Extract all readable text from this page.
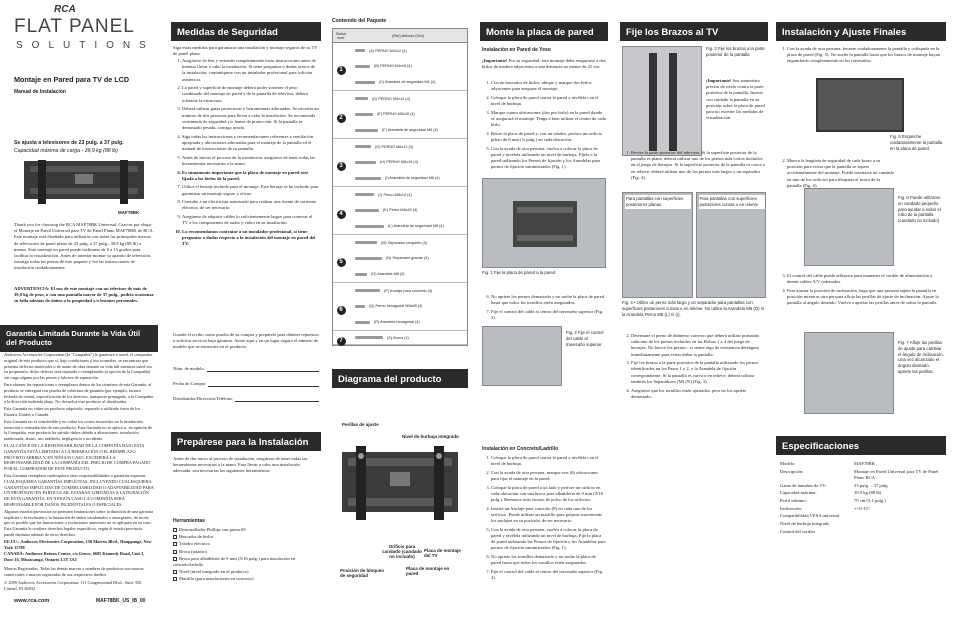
RCA
FLAT PANEL
SOLUTIONS
Montaje en Pared para TV de LCD
Manual de Instalación
Se ajusta a televisores de 23 pulg. a 37 pulg.
Capacidad máxima de carga - 39,9 kg (88 lb)
MAF78BK
Thank you for choosing the RCA MAF78BK Universal. Gracias por elegir el Montaje en Pared Universal para TV de Panel Plano MAF78BK de RCA. Este montaje está diseñado para utilizarse con todas las principales marcas de televisores de panel plano de 23 pulg. a 37 pulg., 39,9 kg (88 lb) o menos. Este montaje en pared puede inclinarse de 0 a 15 grados para facilitar la visualización. Antes de intentar montar su aparato de televisión, extraiga todas las piezas de este paquete y lea las instrucciones de instalación cuidadosamente.
ADVERTENCIA: El uso de este montaje con un televisor de más de 39,9 kg de peso, o con una pantalla mayor de 37 pulg., podría ocasionar su falla además de daños a la propiedad y/o lesiones personales.
Garantía Limitada Durante la Vida Útil del Producto

Audiovox Accessories Corporation (la "Compañía") le garantiza a usted, el comprador original de este producto que si, bajo condiciones y uso normales, se encontrara que presenta defectos materiales o de mano de obra durante su vida útil mientras usted sea su propietario, dicho defecto será reparado o reemplazado (a opción de la Compañía) sin cargo alguno por las piezas y labores de reparación.

Para obtener las reparaciones o reemplazos dentro de los términos de esta Garantía, el producto se entregará con prueba de cobertura de garantía (por ejemplo, factura fechada de venta), especificación de los defectos, transporte prepagado, a la Compañía a la dirección indicada abajo. No devuelva este producto al distribuidor.

Esta Garantía no cubre un producto adquirido, reparado o utilizado fuera de los Estados Unidos o Canadá.

Esta Garantía no es transferible y no cubre los costos incurridos en la instalación, remoción o reinstalación de este producto. Esta Garantía no se aplica si, en opinión de la Compañía, este producto ha sufrido daños debido a alteraciones, instalación inadecuada, abuso, uso indebido, negligencia o accidente.

EL ALCANCE DE LA RESPONSABILIDAD DE LA COMPAÑÍA BAJO ESTA GARANTÍA ESTÁ LIMITADO A LA REPARACIÓN O EL REEMPLAZO PROVISTO ARRIBA Y, EN NINGÚN CASO, EXCEDERÁ LA RESPONSABILIDAD DE LA COMPAÑÍA DEL PRECIO DE COMPRA PAGADO POR EL COMPRADOR DE ESTE PRODUCTO.

Esta Garantía reemplaza cualesquiera otras responsabilidades o garantías expresas. CUALESQUIERA GARANTÍAS IMPLÍCITAS, INCLUYENDO CUALESQUIERA GARANTÍAS IMPLÍCITAS DE COMERCIABILIDAD O ADAPTABILIDAD PARA UN PROPÓSITO EN PARTICULAR, ESTARÁN LIMITADAS A LA DURACIÓN DE ESTA GARANTÍA. EN NINGÚN CASO LA COMPAÑÍA SERÁ RESPONSABLE POR DAÑOS INCIDENTALES O ESPECIALES.

Algunos estados/provincias no permiten limitaciones sobre la duración de una garantía implícita o la exclusión o la limitación de daños incidentales o emergentes, de modo que es posible que las limitaciones o exclusiones anteriores no se apliquen en su caso. Esta Garantía le confiere derechos legales específicos, según el estado/provincia, puede disfrutar además de otros derechos.

EE.UU.: Audiovox Electronics Corporation, 150 Marcus Blvd., Hauppauge, New York 11788

CANADÁ: Audiovox Return Centre, c/o Genco, 6685 Kennedy Road, Unit 3, Door 16, Mississauga, Ontario L5T 3A5

Marcas Registradas. Todas las demás marcas y nombres de productos son marcas comerciales o marcas registradas de sus respectivos dueños.

© 2009 Audiovox Accessories Corporation. 111 Congressional Blvd., Suite 350, Carmel, IN 46032

www.rca.com	MAF78BK_US_IB_00
Medidas de Seguridad
Siga estas medidas para garantizar una instalación y montaje seguros de su TV de panel plano.
1. Asegúrese de leer y entender completamente estas instrucciones antes de intentar llevar a cabo la instalación. Si tiene preguntas o dudas acerca de la instalación, comuníquese con un instalador profesional para solicitar asistencia.
2. La pared y superficie de montaje deberá poder sostener el peso combinado del montaje en pared y de la pantalla de televisor, deberá tolerarse la estructura.
3. Deberá utilizar guías protectoras y herramientas adecuadas. Se necesita un mínimo de dos personas para llevar a cabo la instalación. Se recomienda vestimenta de seguridad y/o lentes de protección. Si la pantalla es demasiado pesada, consiga ayuda.
4. Siga todas las instrucciones y recomendaciones referentes a ventilación apropiada y ubicaciones adecuadas para el montaje de la pantalla en el manual de instrucciones de su pantalla.
5. Antes de iniciar el proceso de la instalación, asegúrese de tener todas las herramientas necesarias a la mano.
6. Es sumamente importante que la placa de montaje en pared esté fijada a los birlos de la pared.
7. Utilice el herraje incluido para el montaje. Este herraje se ha incluido para garantizar un montaje seguro y eficaz.
8. Consulte a un electricista autorizado para realizar una fuente de corriente eléctrica, de ser necesario.
9. Asegúrese de adquirir cables lo suficientemente largos para conectar el TV a los componentes de audio y video en su instalación.
10. Lo recomendamos contratar a un instalador profesional, si tiene preguntas o dudas respecto a la instalación del montaje en pared del TV.
Guarde el recibo como prueba de su compra y prepárelo para obtener repuestos o solicitar servicio bajo garantía. Anote aquí y en un lugar seguro el número de modelo que se encuentra en el producto.
Núm. de modelo
Fecha de Compra
Distribuidor/Dirección/Teléfono
Prepárese para la Instalación
Antes de dar inicio al proceso de instalación, asegúrese de tener todas las herramientas necesarias a la mano. Para llevar a cabo una instalación adecuada, son necesarias las siguientes herramientas:
Herramientas
Destornillador Phillips con punta #3
Buscador de birlos
Taladro eléctrico
Broca (taladro)
Broca para albañilería de 9 mm (5/16 pulg.) para instalación en concreto/ladrillo
Nivel (nivel integrado en el producto)
Martillo (para instalaciones en concreto)
Contenido del Paquete
Bolsa núm.	(Ref) Artículo (Ctd)
1
(A) PERNO M4x12 (4)
(B) PERNO M4x16 (4)
(C) Arandela de seguridad M4 (4)
2
(D) PERNO M5x12 (4)
(E) PERNO M5x16 (4)
(F) Arandela de seguridad M5 (4)
3
(G) PERNO M6x12 (4)
(H) PERNO M6x16 (4)
(I) Arandela de seguridad M6 (4)
4
(J) Perno M8x14 (4)
(K) Perno M8x40 (4)
(L) Arandela de seguridad M8 (4)
5
(M) Separador pequeño (4)
(N) Separador grande (4)
(O) Arandela M8 (4)
6
(P) Anclaje para concreto (4)
(Q) Perno hexagonal M8x65 (4)
(R) Arandela hexagonal (4)
7	(S) Broca (1)
Diagrama del producto
Perillas de ajuste
Nivel de burbuja integrado
Orificio para candado (candado no incluido)
Placa de montaje del TV
Posición de bloqueo de seguridad
Placa de montaje en pared
Monte la placa de pared
Instalación en Pared de Yeso
¡Importante! Por su seguridad, este montaje debe asegurarse a dos birlos de madera adyacentes a una distancia no menor de 41 cm.
1. Con un buscador de birlos, ubique y marque dos birlos adyacentes para asegurar el montaje.
2. Coloque la placa de pared contra la pared y nivélela con el nivel de burbuja.
3. Marque cuatro ubicaciones (dos por birlo) en la pared donde se asegurará el montaje. Tenga a bien utilizar el centro de cada birlo.
4. Retire la placa de pared y, con un taladro, perfore un orificio piloto de 6 mm (¼ pulg.) en cada ubicación.
5. Con la ayuda de otra persona, vuelva a colocar la placa de pared y nivélela utilizando un nivel de burbuja. Fíjela a la pared utilizando los Pernos de fijación y los Arandelas para pernos de fijación suministrados (Fig. 1).
Fig. 1 Fije la placa de pared a la pared
6. No apriete los pernos demasiado y no suelte la placa de pared hasta que todos los tornillos estén asegurados.
7. Fije el control del cable al centro del travesaño superior (Fig. 2).
Fig. 2 Fije el control del cable al travesaño superior
Instalación en Concreto/Ladrillo
1. Coloque la placa de pared contra la pared y nivélela con el nivel de burbuja.
2. Con la ayuda de otra persona, marque seis (6) ubicaciones para fijar el montaje en la pared.
3. Coloque la placa de pared a un lado y perfore un orificio en cada ubicación con una broca para albañilería de 9 mm (5/16 pulg.). Remueva todo exceso de polvo de los orificios.
4. Inserte un Anclaje para concreto (P) en cada uno de los orificios. Puede utilizar un martillo para golpear suavemente los anclajes en su posición, de ser necesario.
5. Con la ayuda de otra persona, vuelva a colocar la placa de pared y nivélela utilizando un nivel de burbuja. Fije la placa de pared utilizando los Pernos de fijación y los Arandelas para pernos de fijación suministrados (Fig. 1).
6. No apriete los tornillos demasiado y no suelte la placa de pared hasta que todos los tornillos estén asegurados.
7. Fije el control del cable al centro del travesaño superior (Fig. 2).
Fije los Brazos al TV
Fig. 3 Fije los brazos a la parte posterior de la pantalla
¡Importante! Sus suministro preciso de rieslo contra la parte posterior de la pantalla. Inserte con cuidado la pantalla en su posición sobre la placa de pared para no exceder las medidas de visualización.
1. Revise la parte posterior del televisor. Si la superficie posterior de la pantalla es plana, deberá utilizar uno de los pernos más cortos incluidos en el juego de herrajes. Si la superficie posterior de la pantalla es curva o en relieve, deberá utilizar uno de los pernos más largos y un separador (Fig. 4).
Para pantallas con superficies posteriores planas
Para pantallas con superficies posteriores curvas o en relieve
Fig. 4 • Utilice un perno más largo y un separador para pantallas con superficies posteriores curvas o en relieve. No utilice la Arandela M6 (O) ni la Arandela Perno M8 (L) ni (I).
2. Determine el perno de diámetro correcto que deberá utilizar probando cada uno de los pernos incluidos en las Bolsas 1 a 4 del juego de herrajes. No fuerce los pernos - si siente algo de resistencia deténgase inmediatamente para evitar dañar la pantalla.
3. Fije los brazos a la parte posterior de la pantalla utilizando los pernos identificados en los Pasos 1 y 2, y la Arandela de fijación correspondiente. Si la pantalla es curva o en relieve, deberá utilizar también los Separadores (M) (N) (Fig. 3).
4. Asegúrese que los tornillos estén ajustados, pero no los apriete demasiado.
Instalación y Ajuste Finales
1. Con la ayuda de otra persona, levante cuidadosamente la pantalla y colóquela en la placa de pared (Fig. 5). No suelte la pantalla hasta que los brazos de montaje hayan enganchado completamente en los travesaños.
Fig. 5 Enganche cuidadosamente la pantalla en la placa de pared.
2. Mueva la lengüeta de seguridad de cada brazo a su posición para evitar que la pantalla se separe accidentalmente del montaje. Puede insertarse un candado en uno de los orificios para bloquear el brazo de la pantalla (Fig. 6).
Fig. 6 Puede utilizarse un candado pequeño para ayudar a evitar el robo de la pantalla (candado no incluido)
3. El control del cable puede utilizarse para mantener el cordón de alimentación y demás cables A/V ordenados.
4. Para ajustar la posición de inclinación, haga que una persona sujete la pantalla en posición mientras otra persona afloja las perillas de ajuste de inclinación. Ajuste la pantalla al ángulo deseado. Vuelva a apretar las perillas antes de soltar la pantalla.
Fig. 7 Afloje las perillas de ajuste para cambiar el ángulo de inclinación. Una vez alcanzado el ángulo deseado, apriete las perillas.
Especificaciones
Modelo:	MAF78BK
Descripción:	Montaje en Pared Universal para TV de Panel Plano RCA
Gama de tamaños de TV:	23 pulg. – 37 pulg.
Capacidad máxima:	39,9 kg (88 lb)
Perfil mínimo:	79 cm (3,1 pulg.)
Inclinación:	+/-0-15°
Compatibilidad VESA universal
Nivel de burbuja integrado
Control del cordón
